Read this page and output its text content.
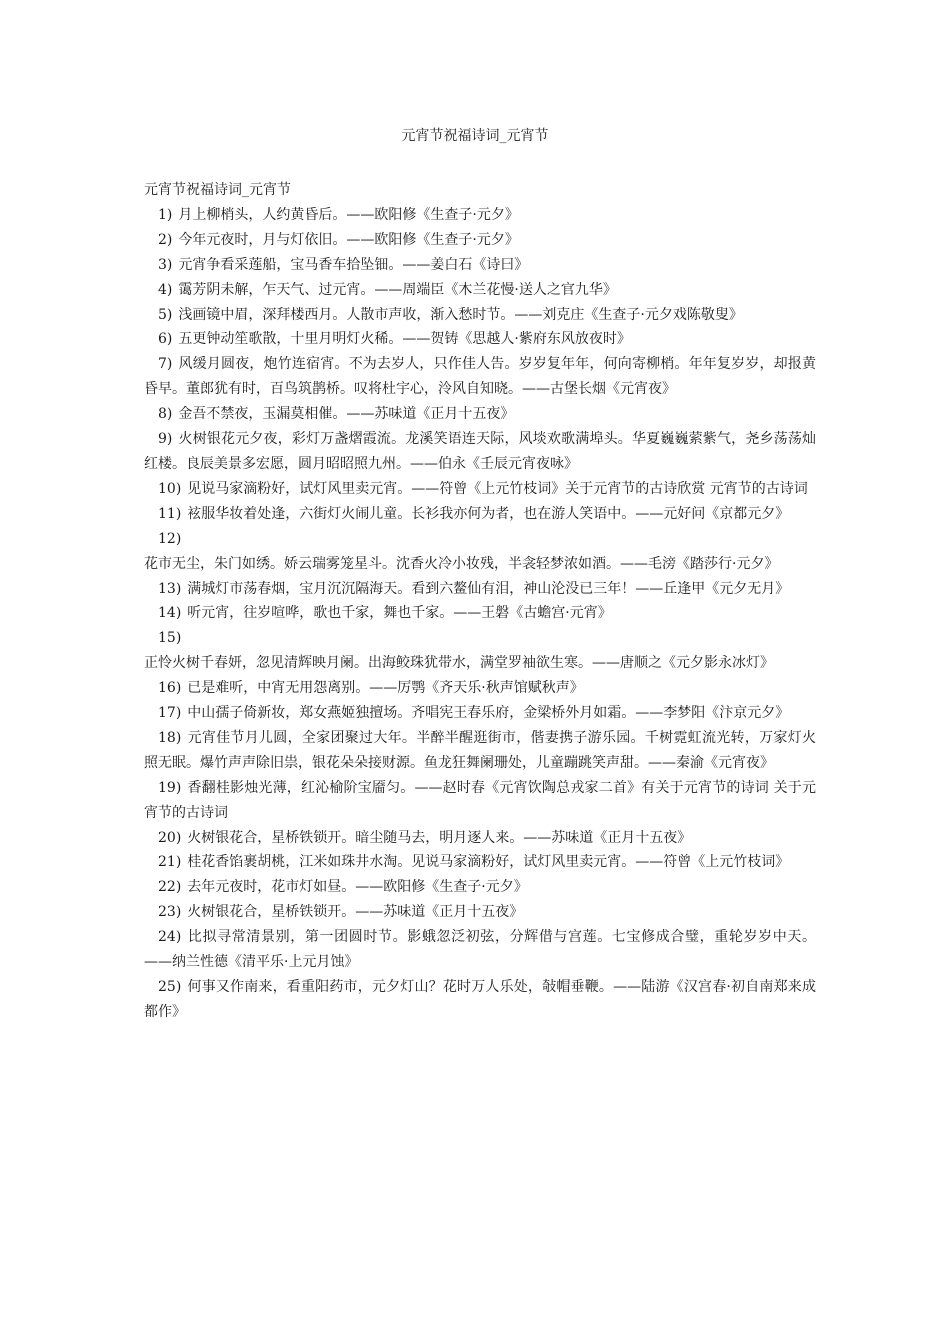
元宵节祝福诗词_元宵节

元宵节祝福诗词_元宵节

1) 月上柳梢头，人约黄昏后。——欧阳修《生查子·元夕》
2) 今年元夜时，月与灯依旧。——欧阳修《生查子·元夕》
3) 元宵争看采莲船，宝马香车拾坠钿。——姜白石《诗曰》
4) 霭芳阴未解，乍天气、过元宵。——周端臣《木兰花慢·送人之官九华》
5) 浅画镜中眉，深拜楼西月。人散市声收，渐入愁时节。——刘克庄《生查子·元夕戏陈敬叟》
6) 五更钟动笙歌散，十里月明灯火稀。——贺铸《思越人·紫府东风放夜时》
7) 风缓月圆夜，炮竹连宿宵。不为去岁人，只作佳人告。岁岁复年年，何向寄柳梢。年年复岁岁，却报黄昏早。董郎犹有时，百鸟筑鹊桥。叹将杜宇心，泠风自知晓。——古堡长烟《元宵夜》
8) 金吾不禁夜，玉漏莫相催。——苏味道《正月十五夜》
9) 火树银花元夕夜，彩灯万盏熠霞流。龙溪笑语连天际，风埮欢歌满埠头。华夏巍巍萦紫气，尧乡荡荡灿红楼。良辰美景多宏愿，圆月昭昭照九州。——伯永《壬辰元宵夜咏》
10) 见说马家滴粉好，试灯风里卖元宵。——符曾《上元竹枝词》关于元宵节的古诗欣赏 元宵节的古诗词
11) 袨服华妆着处逢，六街灯火闹儿童。长衫我亦何为者，也在游人笑语中。——元好问《京都元夕》
12)花市无尘，朱门如绣。娇云瑞雾笼星斗。沈香火冷小妆残，半衾轻梦浓如酒。——毛滂《踏莎行·元夕》
13) 满城灯市荡春烟，宝月沉沉隔海天。看到六鳌仙有泪，神山沦没已三年！——丘逢甲《元夕无月》
14) 听元宵，往岁喧哗，歌也千家，舞也千家。——王磐《古蟾宫·元宵》
15)正怜火树千春妍，忽见清辉映月阑。出海鲛珠犹带水，满堂罗袖欲生寒。——唐顺之《元夕影永冰灯》
16) 已是难听，中宵无用怨离别。——厉鹗《齐天乐·秋声馆赋秋声》
17) 中山孺子倚新妆，郑女燕姬独擅场。齐唱宪王春乐府，金梁桥外月如霜。——李梦阳《汴京元夕》
18) 元宵佳节月儿圆，全家团聚过大年。半醉半醒逛街市，偕妻携子游乐园。千树霓虹流光转，万家灯火照无眠。爆竹声声除旧祟，银花朵朵接财源。鱼龙狂舞阑珊处，儿童蹦跳笑声甜。——秦渝《元宵夜》
19) 香翻桂影烛光薄，红沁榆阶宝靥匀。——赵时春《元宵饮陶总戎家二首》有关于元宵节的诗词 关于元宵节的古诗词
20) 火树银花合，星桥铁锁开。暗尘随马去，明月逐人来。——苏味道《正月十五夜》
21) 桂花香馅裹胡桃，江米如珠井水淘。见说马家滴粉好，试灯风里卖元宵。——符曾《上元竹枝词》
22) 去年元夜时，花市灯如昼。——欧阳修《生查子·元夕》
23) 火树银花合，星桥铁锁开。——苏味道《正月十五夜》
24) 比拟寻常清景别，第一团圆时节。影蛾忽泛初弦，分辉借与宫莲。七宝修成合璧，重轮岁岁中天。——纳兰性德《清平乐·上元月蚀》
25) 何事又作南来，看重阳药市，元夕灯山？花时万人乐处，敧帽垂鞭。——陆游《汉宫春·初自南郑来成都作》
